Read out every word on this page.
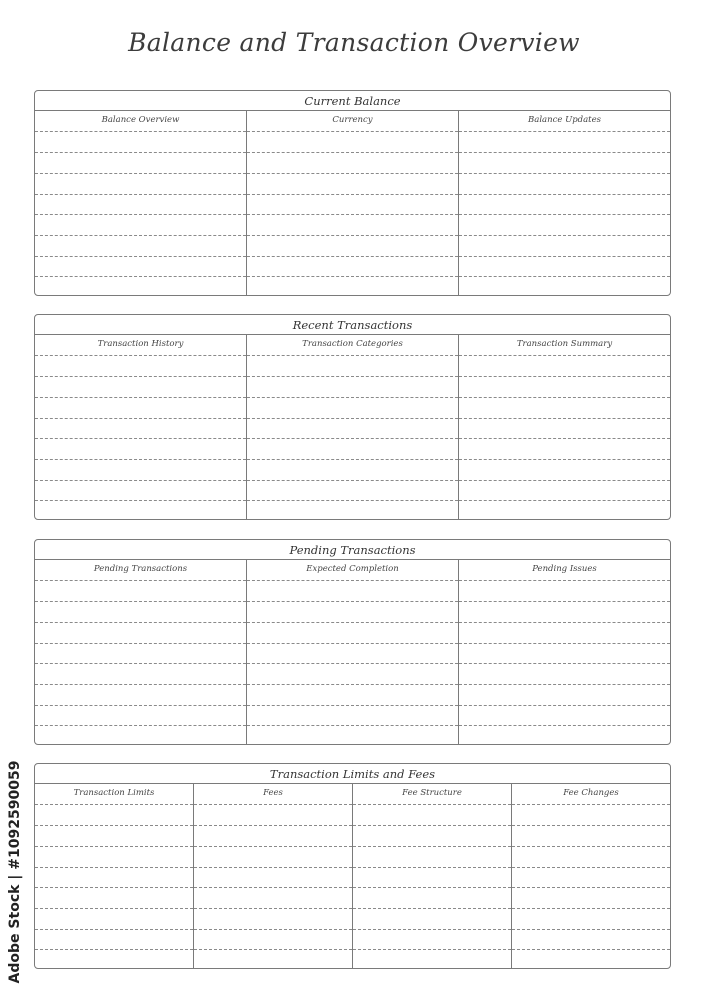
Balance and Transaction Overview
Current Balance
Balance Overview	Currency	Balance Updates
Recent Transactions
Transaction History	Transaction Categories	Transaction Summary
Pending Transactions
Pending Transactions	Expected Completion	Pending Issues
Transaction Limits and Fees
Transaction Limits	Fees	Fee Structure	Fee Changes
Adobe Stock | #1092590059
